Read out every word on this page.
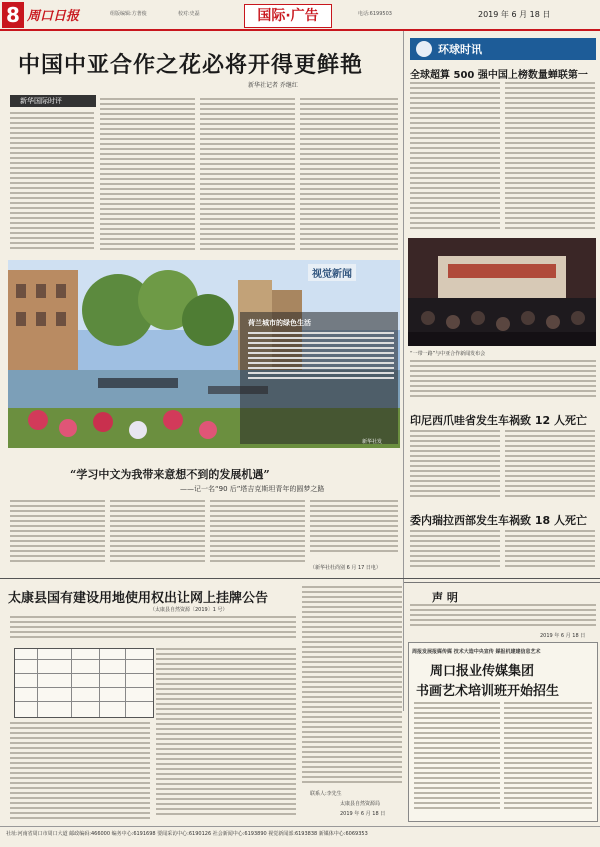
8 周口日报	组版编辑:方著俊	校对:史磊	国际·广告	电话:6199503	2019 年 6 月 18 日
中国中亚合作之花必将开得更鲜艳
新华社记者 乔继红
新华国际时评
环球时讯
全球超算 500 强中国上榜数量蝉联第一
“一带一路”与中亚合作新闻发布会
印尼西爪哇省发生车祸致 12 人死亡
委内瑞拉西部发生车祸致 18 人死亡
视觉新闻
荷兰城市的绿色生活
新华社发
“学习中文为我带来意想不到的发展机遇”
——记一名“90 后”塔吉克斯坦青年的圆梦之路
（新华社杜尚别 6 月 17 日电）
太康县国有建设用地使用权出让网上挂牌公告
（太康县自然资源〔2019〕1 号）
联系人:李先生
太康县自然资源局
2019 年 6 月 18 日
声 明
2019 年 6 月 18 日
周报发展报媒传媒 技术大造中央宣传 媒报机建建信息艺术
周口报业传媒集团
书画艺术培训班开始招生
社址:河南省周口市周口大道 邮政编码:466000 编务中心:6191698 要闻采访中心:6190126 社会新闻中心:6193890 视觉新闻部:6193838 新媒体中心:6069353
